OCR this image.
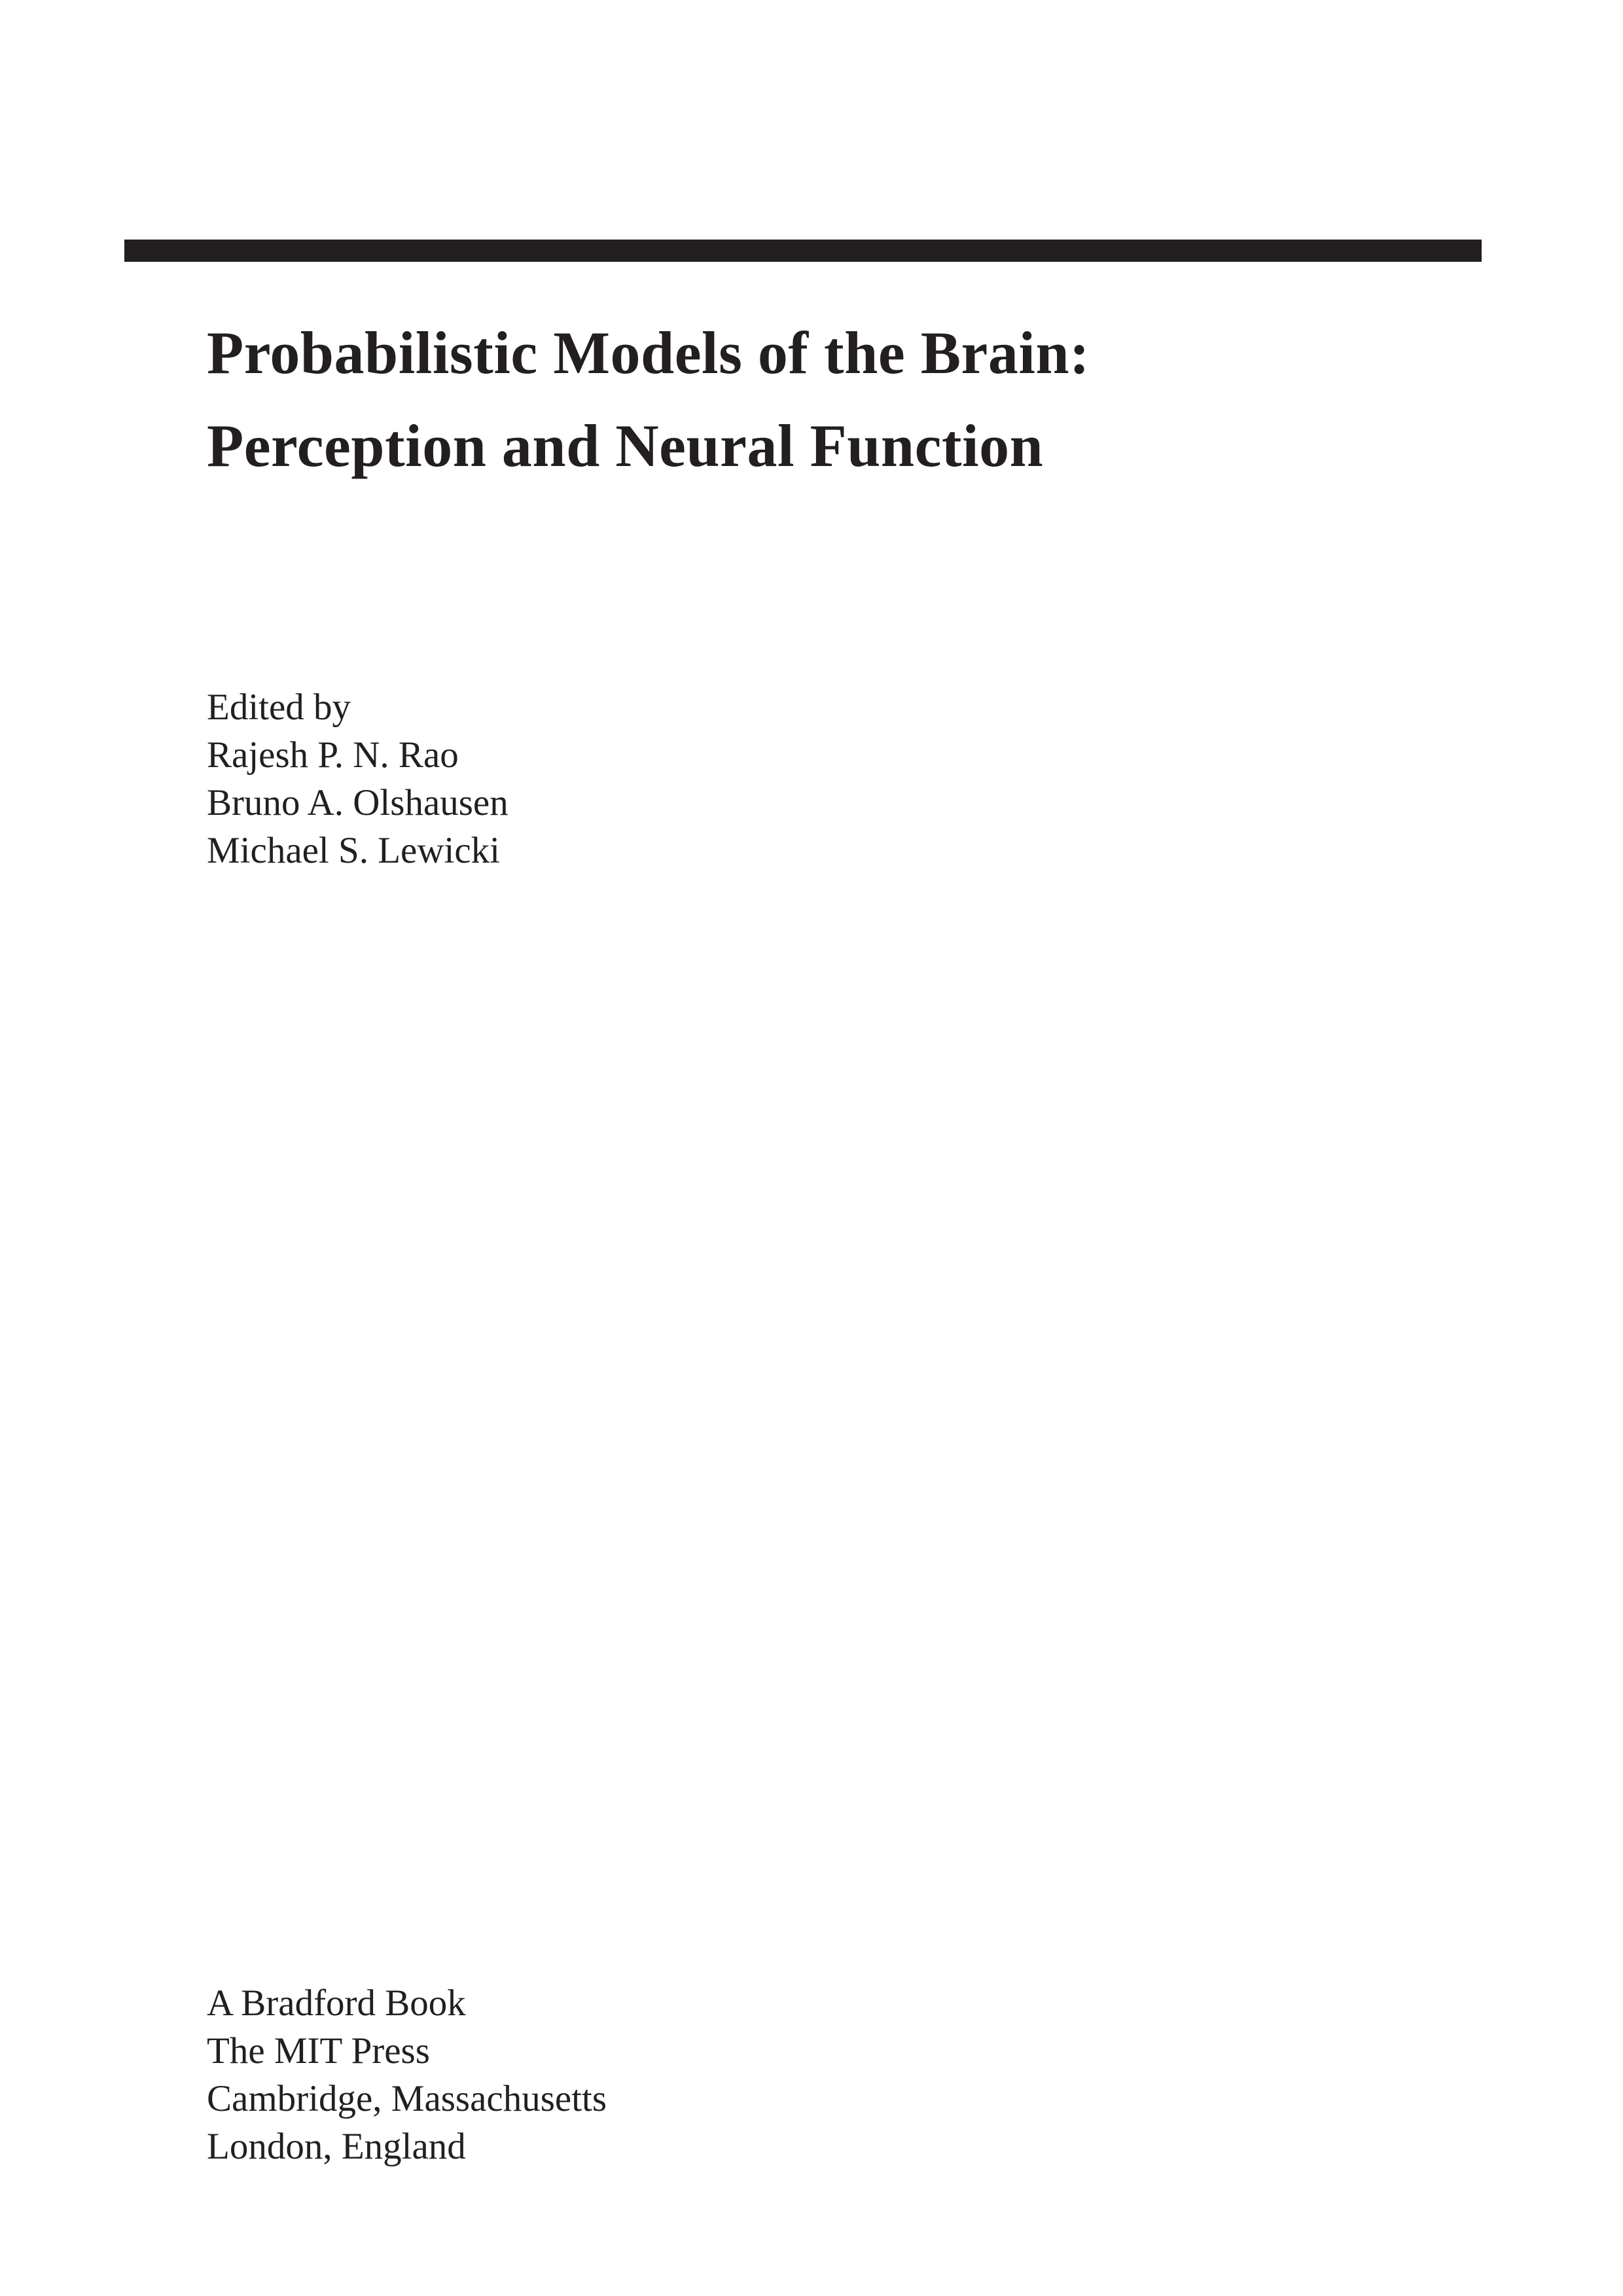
Probabilistic Models of the Brain:
Perception and Neural Function
Edited by
Rajesh P. N. Rao
Bruno A. Olshausen
Michael S. Lewicki
A Bradford Book
The MIT Press
Cambridge, Massachusetts
London, England
